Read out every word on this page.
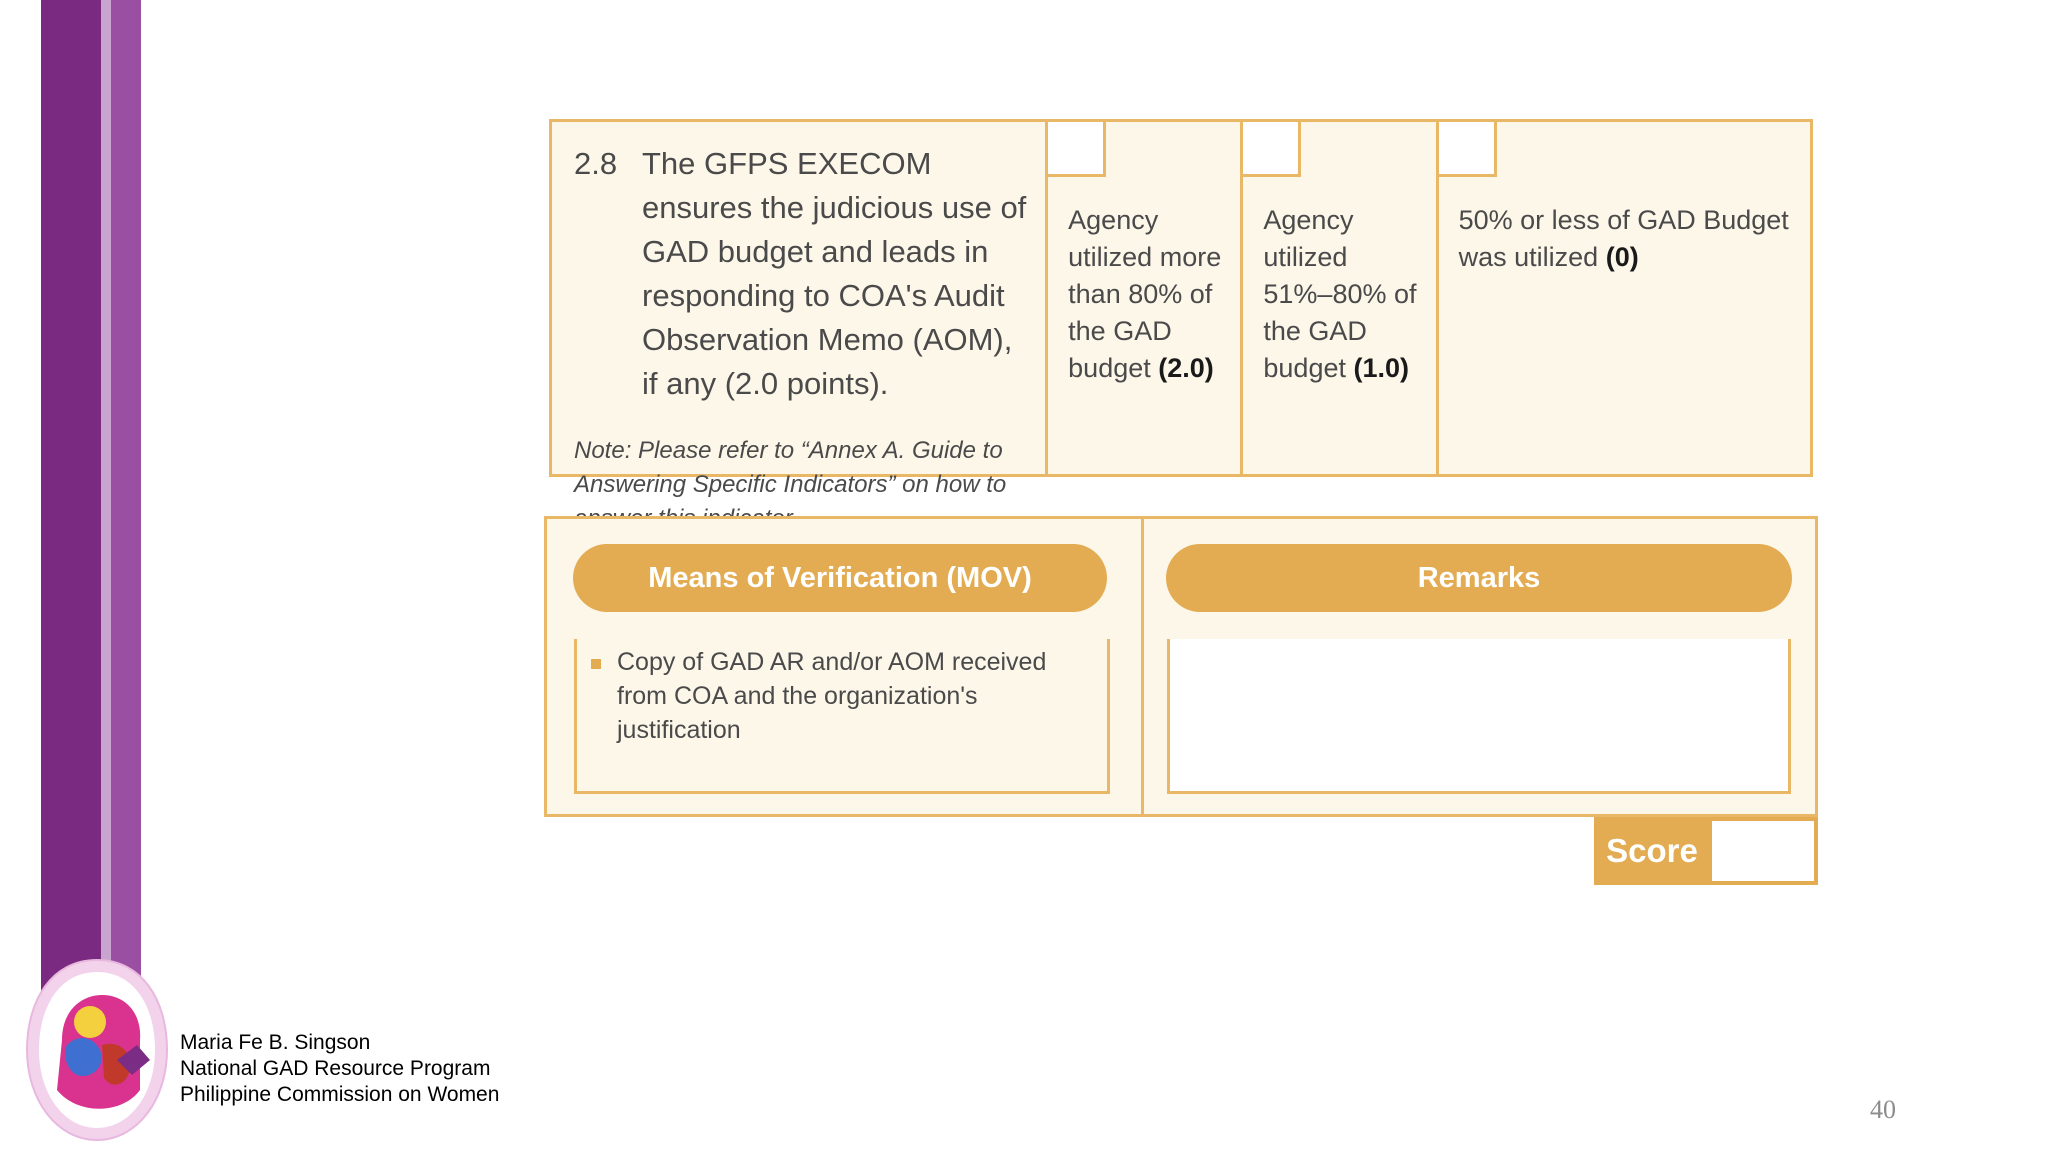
2.8 The GFPS EXECOM ensures the judicious use of GAD budget and leads in responding to COA's Audit Observation Memo (AOM), if any (2.0 points).
Note: Please refer to “Annex A. Guide to Answering Specific Indicators” on how to
Agency utilized more than 80% of the GAD budget (2.0)
Agency utilized 51%–80% of the GAD budget (1.0)
50% or less of GAD Budget was utilized (0)
Means of Verification (MOV)	Remarks
Copy of GAD AR and/or AOM received from COA and the organization's justification
Score
Maria Fe B. Singson
National GAD Resource Program
Philippine Commission on Women
40
